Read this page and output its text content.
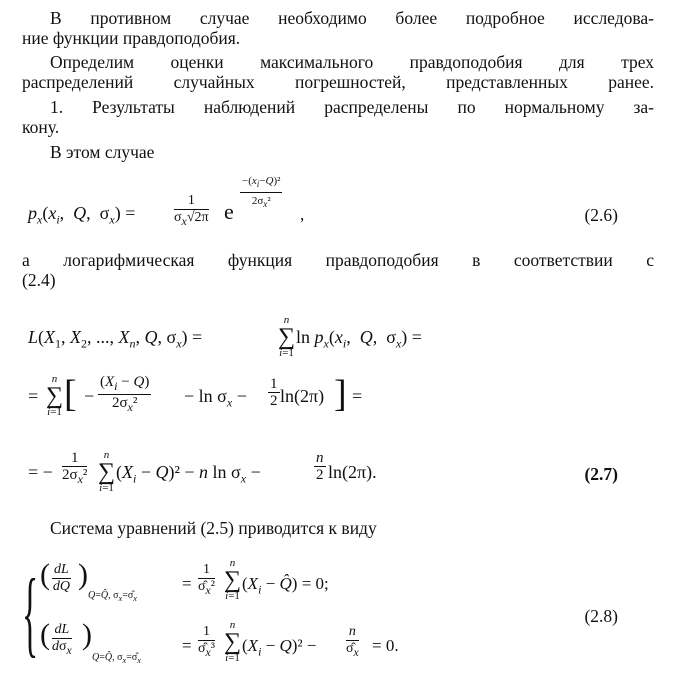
В противном случае необходимо более подробное исследова-
ние функции правдоподобия.
Определим оценки максимального правдоподобия для трех
распределений случайных погрешностей, представленных ранее.
1. Результаты наблюдений распределены по нормальному за-
кону.
В этом случае
$p_x(x_i$,  Q,  $\sigma_x$) =	$\frac{1}{\sigma_x√2\pi}$ e $\frac{-(x_i-Q)^2}{2\sigma_x^2}$
,	(2.6)
а логарифмическая функция правдоподобия в соответствии с
(2.4)
$L(X_1$, $X_2$, ..., $X_n$, Q, $\sigma_x$) =
n
∑
i=1
$\ln p_x(x_i$,  Q,  $\sigma_x$) =
=
n
∑
i=1 [ − $\frac{(X_i - Q)}{2\sigma_x^2} - \ln \sigma_x - \frac{1}{2} \ln(2\pi)$ ] =
= − $\frac{1}{2\sigma_x^2}$	n
∑
i=1
$(X_i - Q)^2 - n$ $\ln \sigma_x$ −	$\frac{n}{2} \ln(2\pi)$.	(2.7)
Система уравнений (2.5) приводится к виду
{ ( $\frac{dL}{dQ}$ )
Q=Q̂, $\sigma_x=\sigmâ_x$
= $\frac{1}{\sigmâ_x^2}$	n
∑
i=1
($X_i$ − Q̂) = 0;
( dL
$d\sigma_x$ )
Q=Q̂, $\sigma_x=\sigmâ_x$
= $\frac{1}{\sigmâ_x^3}$	n
∑
i=1
$(X_i - Q)^2 - \frac{n}{\sigmâ_x} = 0$.
(2.8)
